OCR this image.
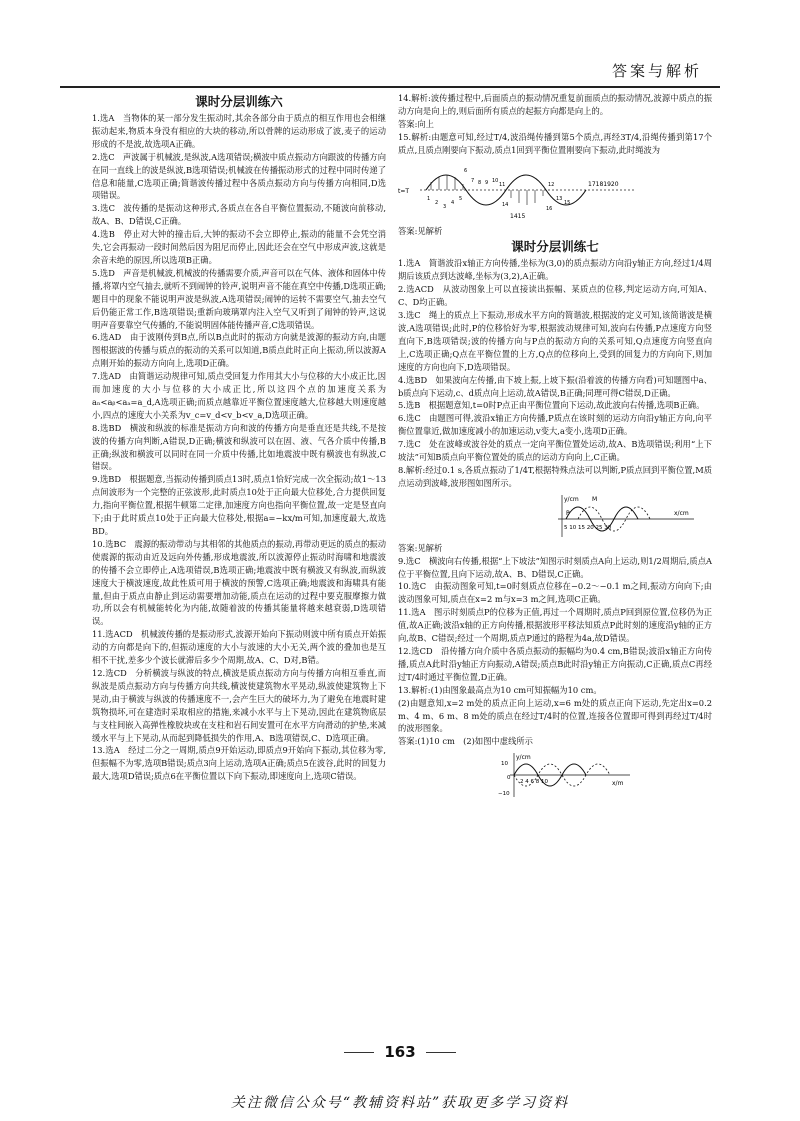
答案与解析
课时分层训练六

1.选A　当物体的某一部分发生振动时,其余各部分由于质点的相互作用也会相继振动起来,物质本身没有相应的大块的移动,所以骨牌的运动形成了波,麦子的运动形成的不是波,故选项A正确。

2.选C　声波属于机械波,是纵波,A选项错误;横波中质点振动方向跟波的传播方向在同一直线上的波是纵波,B选项错误;机械波在传播振动形式的过程中同时传递了信息和能量,C选项正确;简谐波传播过程中各质点振动方向与传播方向相同,D选项错误。

3.选C　波传播的是振动这种形式,各质点在各自平衡位置振动,不随波向前移动,故A、B、D错误,C正确。

4.选B　停止对大钟的撞击后,大钟的振动不会立即停止,振动的能量不会凭空消失,它会再振动一段时间然后因为阻尼而停止,因此还会在空气中形成声波,这就是余音未绝的原因,所以选项B正确。

5.选D　声音是机械波,机械波的传播需要介质,声音可以在气体、液体和固体中传播,将罩内空气抽去,就听不到闹钟的铃声,说明声音不能在真空中传播,D选项正确;题目中的现象不能说明声波是纵波,A选项错误;闹钟的运转不需要空气,抽去空气后仍能正常工作,B选项错误;重新向玻璃罩内注入空气又听到了闹钟的铃声,这说明声音要靠空气传播的,不能说明固体能传播声音,C选项错误。

6.选AD　由于波刚传到B点,所以B点此时的振动方向就是波源的振动方向,由题图根据波的传播与质点的振动的关系可以知道,B质点此时正向上振动,所以波源A点刚开始的振动方向向上,选项D正确。

7.选AD　由简谐运动规律可知,质点受回复力作用其大小与位移的大小成正比,因而加速度的大小与位移的大小成正比,所以这四个点的加速度关系为aₙ<aᵦ<aₐ=a_d,A选项正确;而质点越靠近平衡位置速度越大,位移越大则速度越小,四点的速度大小关系为v_c=v_d<v_b<v_a,D选项正确。

8.选BD　横波和纵波的标准是振动方向和波的传播方向是垂直还是共线,不是按波的传播方向判断,A错误,D正确;横波和纵波可以在固、液、气各介质中传播,B正确;纵波和横波可以同时在同一介质中传播,比如地震波中既有横波也有纵波,C错误。

9.选BD　根据题意,当振动传播到质点13时,质点1恰好完成一次全振动;故1～13点间波形为一个完整的正弦波形,此时质点10处于正向最大位移处,合力提供回复力,指向平衡位置,根据牛顿第二定律,加速度方向也指向平衡位置,故一定是竖直向下;由于此时质点10处于正向最大位移处,根据a=−kx/m可知,加速度最大,故选BD。

10.选BC　震源的振动带动与其相邻的其他质点的振动,再带动更远的质点的振动使震源的振动由近及远向外传播,形成地震波,所以波源停止振动时海啸和地震波的传播不会立即停止,A选项错误,B选项正确;地震波中既有横波又有纵波,而纵波速度大于横波速度,故此性质可用于横波的预警,C选项正确;地震波和海啸具有能量,但由于质点由静止到运动需要增加动能,质点在运动的过程中要克服摩擦力做功,所以会有机械能转化为内能,故随着波的传播其能量将越来越衰弱,D选项错误。

11.选ACD　机械波传播的是振动形式,波源开始向下振动则波中所有质点开始振动的方向都是向下的,但振动速度的大小与波速的大小无关,两个波的叠加也是互相不干扰,差多少个波长就滞后多少个周期,故A、C、D对,B错。

12.选CD　分析横波与纵波的特点,横波是质点振动方向与传播方向相互垂直,而纵波是质点振动方向与传播方向共线,横波使建筑物水平晃动,纵波使建筑物上下晃动,由于横波与纵波的传播速度不一,会产生巨大的破坏力,为了避免在地震时建筑物损坏,可在建造时采取相应的措施,来减小水平与上下晃动,因此在建筑物底层与支柱间嵌入高弹性橡胶块或在支柱和岩石间安置可在水平方向滑动的护垫,来减缓水平与上下晃动,从而起到降低损失的作用,A、B选项错误,C、D选项正确。

13.选A　经过二分之一周期,质点9开始运动,即质点9开始向下振动,其位移为零,但振幅不为零,选项B错误;质点3向上运动,选项A正确;质点5在波谷,此时的回复力最大,选项D错误;质点6在平衡位置以下向下振动,即速度向上,选项C错误。

14.解析:波传播过程中,后面质点的振动情况重复前面质点的振动情况,波源中质点的振动方向是向上的,则后面所有质点的起振方向都是向上的。

答案:向上

15.解析:由题意可知,经过T/4,波沿绳传播到第5个质点,再经3T/4,沿绳传播到第17个质点,且质点刚要向下振动,质点1回到平衡位置刚要向下振动,此时绳波为

t=T
17181920
1415
1
2
3
4
5
6
7 8 9 10
11	12
13
14	15
16

答案:见解析

课时分层训练七

1.选A　简谐波沿x轴正方向传播,坐标为(3,0)的质点振动方向沿y轴正方向,经过1/4周期后该质点到达波峰,坐标为(3,2),A正确。

2.选ACD　从波动图象上可以直接读出振幅、某质点的位移,判定运动方向,可知A、C、D均正确。

3.选C　绳上的质点上下振动,形成水平方向的简谐波,根据波的定义可知,该简谐波是横波,A选项错误;此时,P的位移恰好为零,根据波动规律可知,波向右传播,P点速度方向竖直向下,B选项错误;波的传播方向与P点的振动方向的关系可知,Q点速度方向竖直向上,C选项正确;Q点在平衡位置的上方,Q点的位移向上,受到的回复力的方向向下,则加速度的方向也向下,D选项错误。

4.选BD　如果波向左传播,由下坡上振,上坡下振(沿着波的传播方向看)可知题图中a、b质点向下运动,c、d质点向上运动,故A错误,B正确;同理可得C错误,D正确。

5.选B　根据题意知,t=0时P点正由平衡位置向下运动,故此波向右传播,选项B正确。

6.选C　由题图可得,波沿x轴正方向传播,P质点在该时刻的运动方向沿y轴正方向,向平衡位置靠近,做加速度减小的加速运动,v变大,a变小,选项D正确。

7.选C　处在波峰或波谷处的质点一定向平衡位置处运动,故A、B选项错误;利用“上下坡法”可知B质点向平衡位置处的质点的运动方向向上,C正确。

8.解析:经过0.1 s,各质点振动了1/4T,根据特殊点法可以判断,P质点回到平衡位置,M质点运动到波峰,波形图如图所示。

y/cm
x/cm
M
P
5 10 15 20 25 30

答案:见解析

9.选C　横波向右传播,根据“上下坡法”知图示时刻质点A向上运动,则1/2周期后,质点A位于平衡位置,且向下运动,故A、B、D错误,C正确。

10.选C　由振动图象可知,t=0时刻质点位移在−0.2～−0.1 m之间,振动方向向下;由波动图象可知,质点在x=2 m与x=3 m之间,选项C正确。

11.选A　图示时刻质点P的位移为正值,再过一个周期时,质点P回到原位置,位移仍为正值,故A正确;波沿x轴的正方向传播,根据波形平移法知质点P此时刻的速度沿y轴的正方向,故B、C错误;经过一个周期,质点P通过的路程为4a,故D错误。

12.选CD　沿传播方向介质中各质点振动的振幅均为0.4 cm,B错误;波沿x轴正方向传播,质点A此时沿y轴正方向振动,A错误;质点B此时沿y轴正方向振动,C正确,质点C再经过T/4时通过平衡位置,D正确。

13.解析:(1)由图象最高点为10 cm可知振幅为10 cm。

(2)由题意知,x=2 m处的质点正向上运动,x=6 m处的质点正向下运动,先定出x=0.2 m、4 m、6 m、8 m处的质点在经过T/4时的位置,连接各位置即可得到再经过T/4时的波形图象。

答案:(1)10 cm　(2)如图中虚线所示

y/cm
x/m
10
0
−10
2 4 6 8 10
163
关注微信公众号“教辅资料站”获取更多学习资料
